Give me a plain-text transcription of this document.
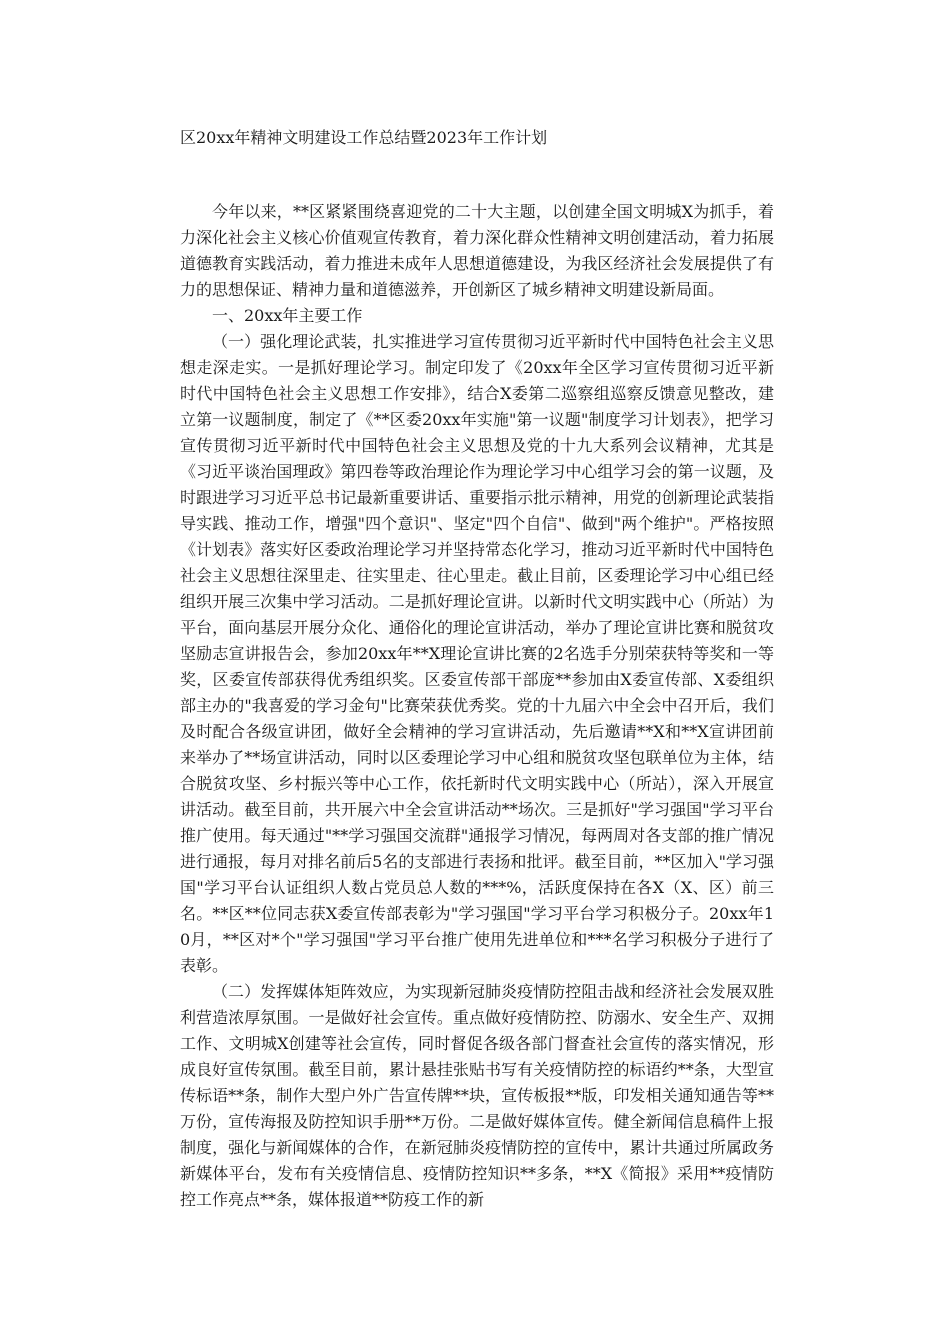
区20xx年精神文明建设工作总结暨2023年工作计划

今年以来，**区紧紧围绕喜迎党的二十大主题，以创建全国文明城X为抓手，着力深化社会主义核心价值观宣传教育，着力深化群众性精神文明创建活动，着力拓展道德教育实践活动，着力推进未成年人思想道德建设，为我区经济社会发展提供了有力的思想保证、精神力量和道德滋养，开创新区了城乡精神文明建设新局面。

一、20xx年主要工作

（一）强化理论武装，扎实推进学习宣传贯彻习近平新时代中国特色社会主义思想走深走实。一是抓好理论学习。制定印发了《20xx年全区学习宣传贯彻习近平新时代中国特色社会主义思想工作安排》，结合X委第二巡察组巡察反馈意见整改，建立第一议题制度，制定了《**区委20xx年实施"第一议题"制度学习计划表》，把学习宣传贯彻习近平新时代中国特色社会主义思想及党的十九大系列会议精神，尤其是《习近平谈治国理政》第四卷等政治理论作为理论学习中心组学习会的第一议题，及时跟进学习习近平总书记最新重要讲话、重要指示批示精神，用党的创新理论武装指导实践、推动工作，增强"四个意识"、坚定"四个自信"、做到"两个维护"。严格按照《计划表》落实好区委政治理论学习并坚持常态化学习，推动习近平新时代中国特色社会主义思想往深里走、往实里走、往心里走。截止目前，区委理论学习中心组已经组织开展三次集中学习活动。二是抓好理论宣讲。以新时代文明实践中心（所站）为平台，面向基层开展分众化、通俗化的理论宣讲活动，举办了理论宣讲比赛和脱贫攻坚励志宣讲报告会，参加20xx年**X理论宣讲比赛的2名选手分别荣获特等奖和一等奖，区委宣传部获得优秀组织奖。区委宣传部干部庞**参加由X委宣传部、X委组织部主办的"我喜爱的学习金句"比赛荣获优秀奖。党的十九届六中全会中召开后，我们及时配合各级宣讲团，做好全会精神的学习宣讲活动，先后邀请**X和**X宣讲团前来举办了**场宣讲活动，同时以区委理论学习中心组和脱贫攻坚包联单位为主体，结合脱贫攻坚、乡村振兴等中心工作，依托新时代文明实践中心（所站），深入开展宣讲活动。截至目前，共开展六中全会宣讲活动**场次。三是抓好"学习强国"学习平台推广使用。每天通过"**学习强国交流群"通报学习情况，每两周对各支部的推广情况进行通报，每月对排名前后5名的支部进行表扬和批评。截至目前，**区加入"学习强国"学习平台认证组织人数占党员总人数的***%，活跃度保持在各X（X、区）前三名。**区**位同志获X委宣传部表彰为"学习强国"学习平台学习积极分子。20xx年10月，**区对*个"学习强国"学习平台推广使用先进单位和***名学习积极分子进行了表彰。

（二）发挥媒体矩阵效应，为实现新冠肺炎疫情防控阻击战和经济社会发展双胜利营造浓厚氛围。一是做好社会宣传。重点做好疫情防控、防溺水、安全生产、双拥工作、文明城X创建等社会宣传，同时督促各级各部门督查社会宣传的落实情况，形成良好宣传氛围。截至目前，累计悬挂张贴书写有关疫情防控的标语约**条，大型宣传标语**条，制作大型户外广告宣传牌**块，宣传板报**版，印发相关通知通告等**万份，宣传海报及防控知识手册**万份。二是做好媒体宣传。健全新闻信息稿件上报制度，强化与新闻媒体的合作，在新冠肺炎疫情防控的宣传中，累计共通过所属政务新媒体平台，发布有关疫情信息、疫情防控知识**多条，**X《简报》采用**疫情防控工作亮点**条，媒体报道**防疫工作的新
